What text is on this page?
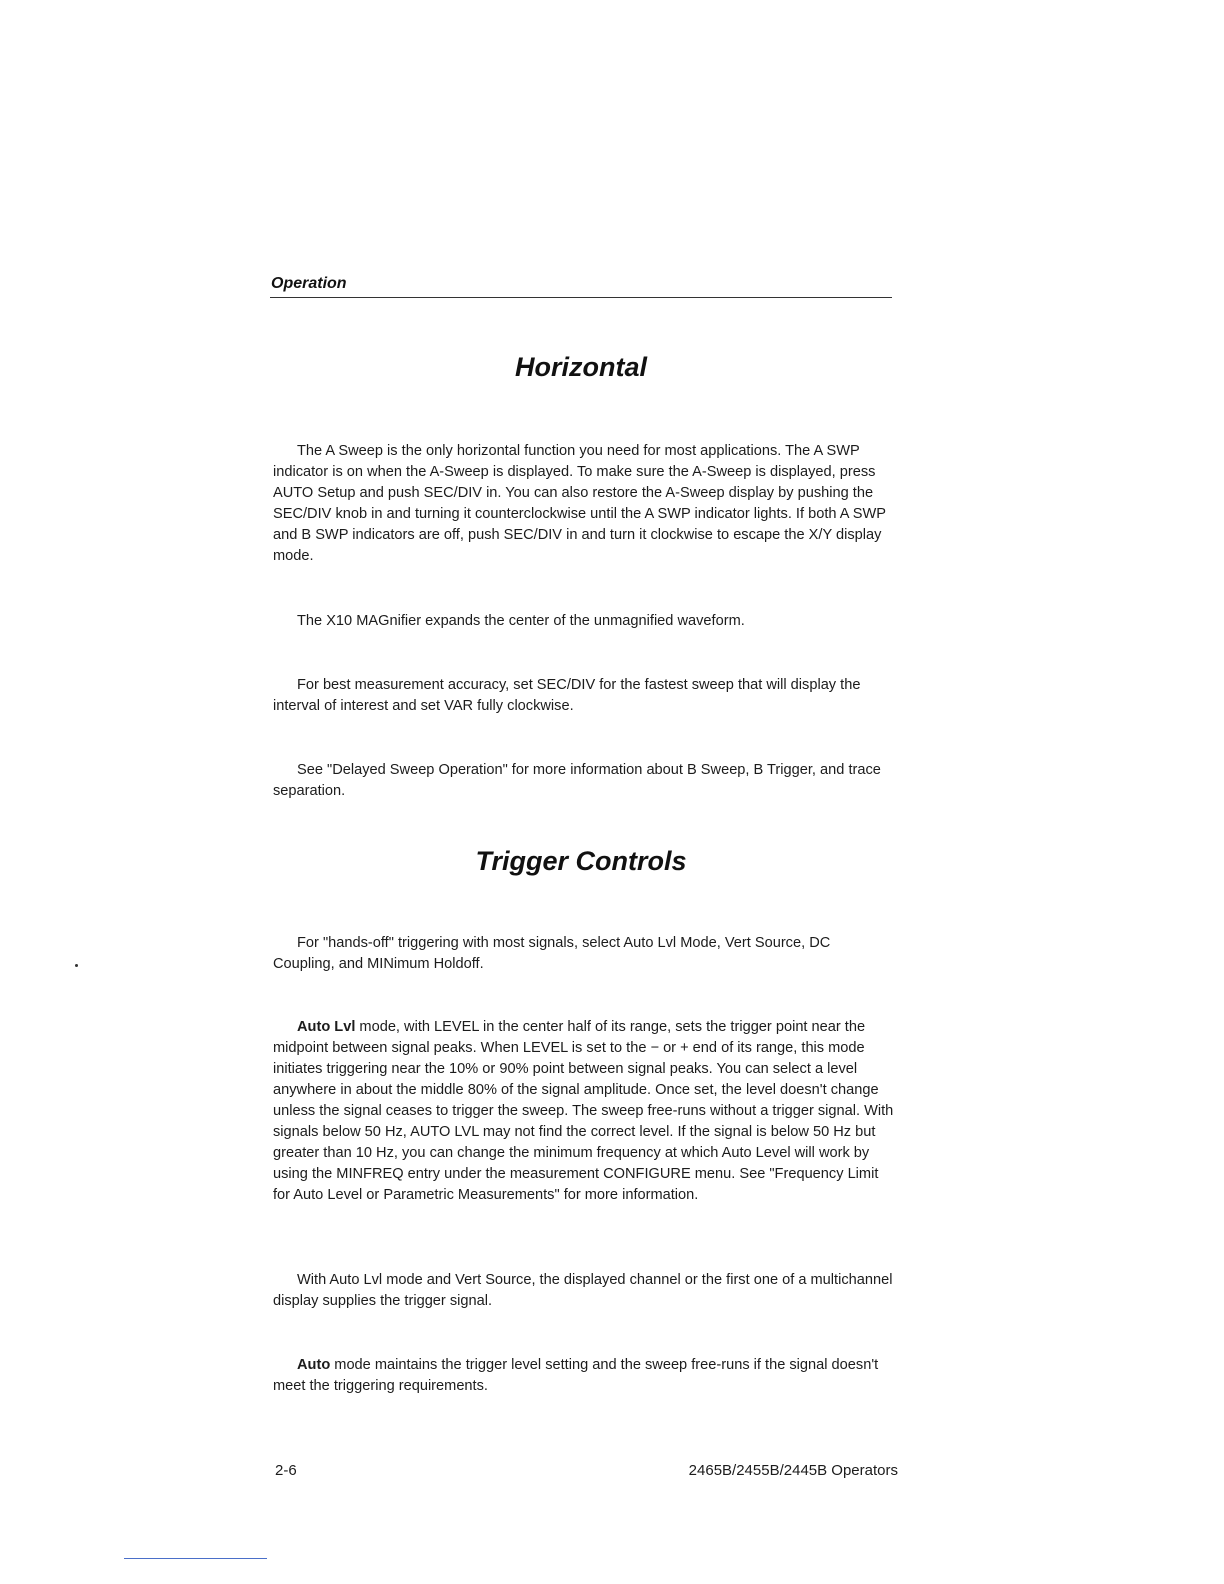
Operation
Horizontal

The A Sweep is the only horizontal function you need for most applications. The A SWP indicator is on when the A-Sweep is displayed. To make sure the A-Sweep is displayed, press AUTO Setup and push SEC/DIV in. You can also restore the A-Sweep display by pushing the SEC/DIV knob in and turning it counterclockwise until the A SWP indicator lights. If both A SWP and B SWP indicators are off, push SEC/DIV in and turn it clockwise to escape the X/Y display mode.

The X10 MAGnifier expands the center of the unmagnified waveform.

For best measurement accuracy, set SEC/DIV for the fastest sweep that will display the interval of interest and set VAR fully clockwise.

See "Delayed Sweep Operation" for more information about B Sweep, B Trigger, and trace separation.

Trigger Controls

For "hands-off" triggering with most signals, select Auto Lvl Mode, Vert Source, DC Coupling, and MINimum Holdoff.

Auto Lvl mode, with LEVEL in the center half of its range, sets the trigger point near the midpoint between signal peaks. When LEVEL is set to the − or + end of its range, this mode initiates triggering near the 10% or 90% point between signal peaks. You can select a level anywhere in about the middle 80% of the signal amplitude. Once set, the level doesn't change unless the signal ceases to trigger the sweep. The sweep free-runs without a trigger signal. With signals below 50 Hz, AUTO LVL may not find the correct level. If the signal is below 50 Hz but greater than 10 Hz, you can change the minimum frequency at which Auto Level will work by using the MINFREQ entry under the measurement CONFIGURE menu. See "Frequency Limit for Auto Level or Parametric Measurements" for more information.

With Auto Lvl mode and Vert Source, the displayed channel or the first one of a multichannel display supplies the trigger signal.

Auto mode maintains the trigger level setting and the sweep free-runs if the signal doesn't meet the triggering requirements.

2-6	2465B/2455B/2445B Operators
